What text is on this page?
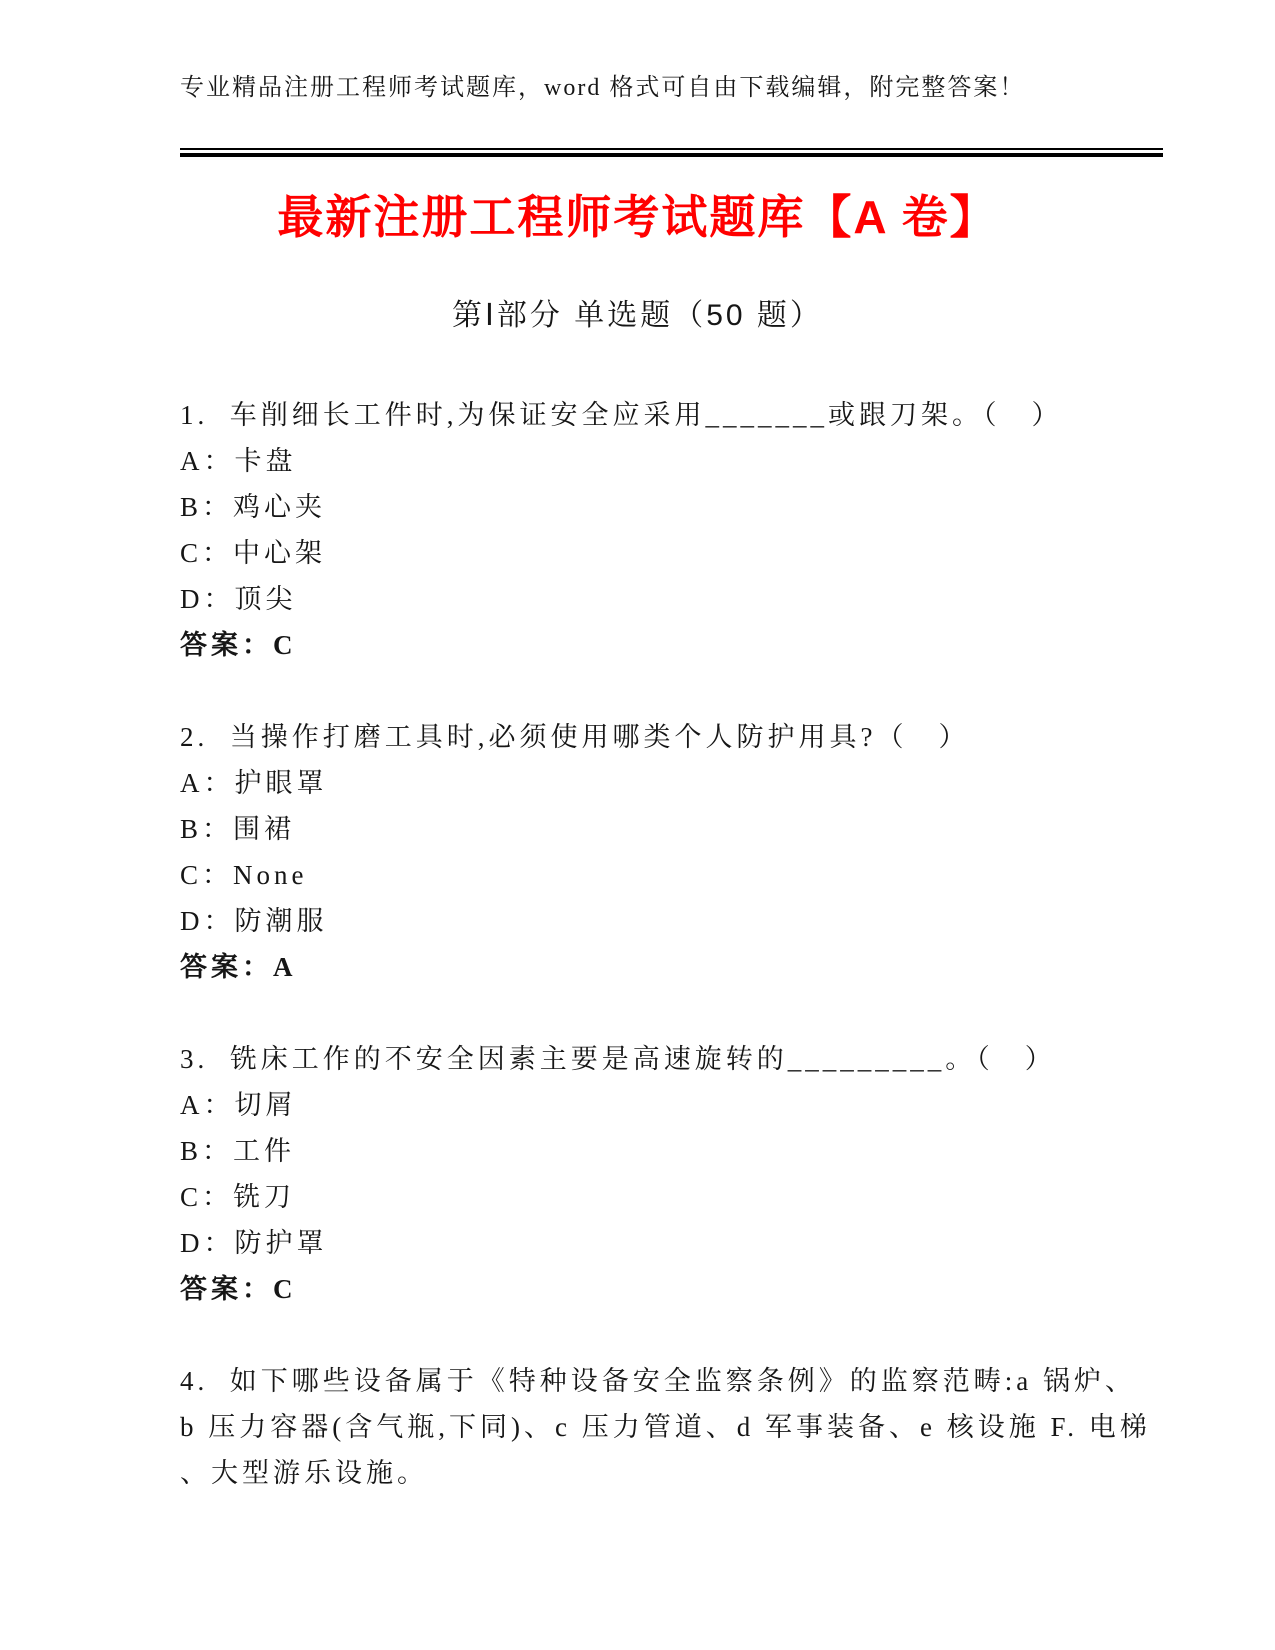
专业精品注册工程师考试题库，word 格式可自由下载编辑，附完整答案！
最新注册工程师考试题库【A 卷】
第Ⅰ部分 单选题（50 题）
1.  车削细长工件时,为保证安全应采用_______或跟刀架。（　）
A：卡盘
B：鸡心夹
C：中心架
D：顶尖
答案：C
2.  当操作打磨工具时,必须使用哪类个人防护用具?（　）
A：护眼罩
B：围裙
C：None
D：防潮服
答案：A
3.  铣床工作的不安全因素主要是高速旋转的_________。（　）
A：切屑
B：工件
C：铣刀
D：防护罩
答案：C
4.  如下哪些设备属于《特种设备安全监察条例》的监察范畴:a 锅炉、
b 压力容器(含气瓶,下同)、c 压力管道、d 军事装备、e 核设施 F. 电梯
、大型游乐设施。
